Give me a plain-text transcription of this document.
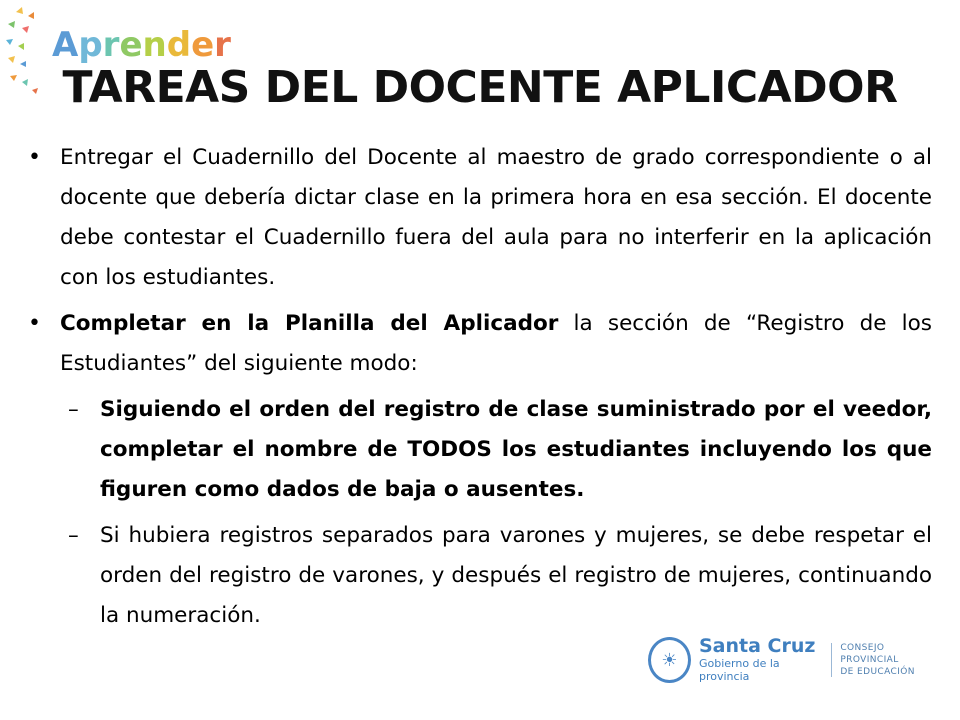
Aprender
TAREAS DEL DOCENTE APLICADOR
• Entregar el Cuadernillo del Docente al maestro de grado correspondiente o al docente que debería dictar clase en la primera hora en esa sección. El docente debe contestar el Cuadernillo fuera del aula para no interferir en la aplicación con los estudiantes.
• Completar en la Planilla del Aplicador la sección de “Registro de los Estudiantes” del siguiente modo:
– Siguiendo el orden del registro de clase suministrado por el veedor, completar el nombre de TODOS los estudiantes incluyendo los que figuren como dados de baja o ausentes.
– Si hubiera registros separados para varones y mujeres, se debe respetar el orden del registro de varones, y después el registro de mujeres, continuando la numeración.
☀
Santa Cruz
Gobierno de la provincia
CONSEJO PROVINCIAL
DE EDUCACIÓN
